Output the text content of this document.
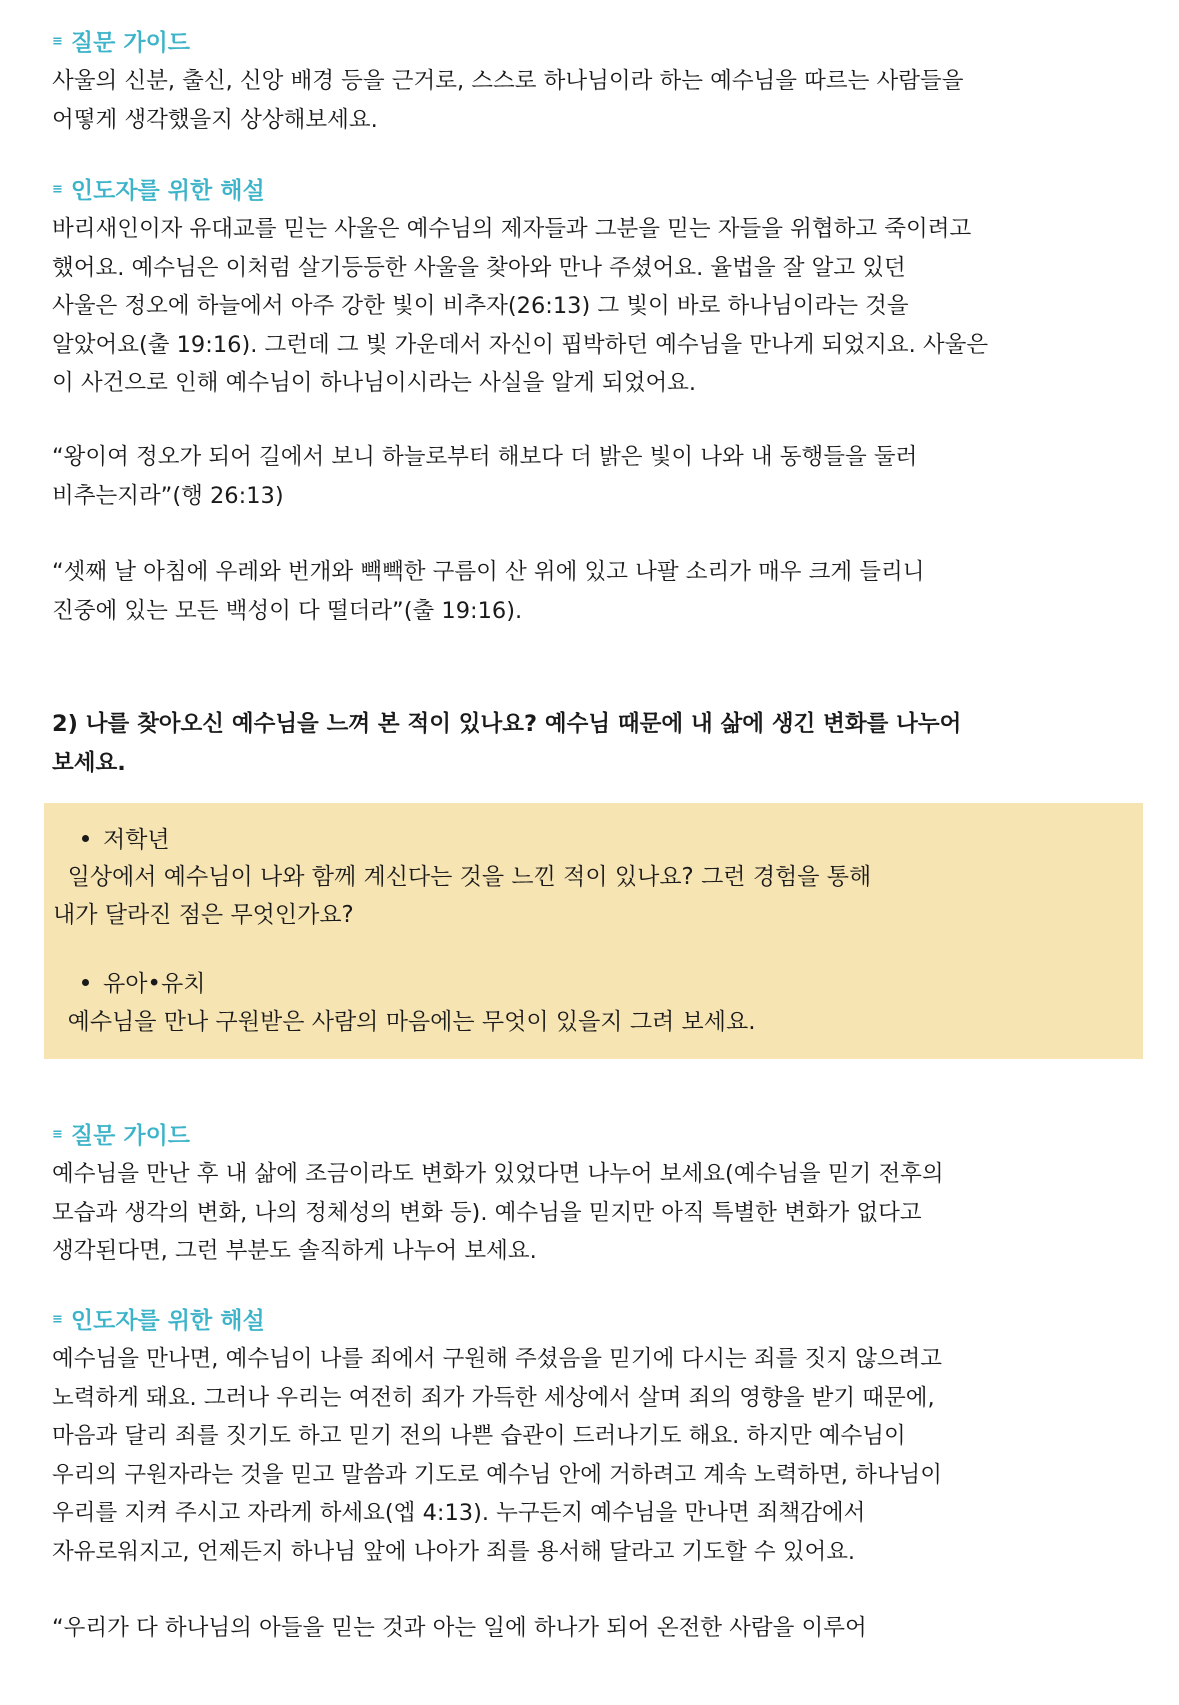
≡ 질문 가이드
사울의 신분, 출신, 신앙 배경 등을 근거로, 스스로 하나님이라 하는 예수님을 따르는 사람들을
어떻게 생각했을지 상상해보세요.
≡ 인도자를 위한 해설
바리새인이자 유대교를 믿는 사울은 예수님의 제자들과 그분을 믿는 자들을 위협하고 죽이려고
했어요. 예수님은 이처럼 살기등등한 사울을 찾아와 만나 주셨어요. 율법을 잘 알고 있던
사울은 정오에 하늘에서 아주 강한 빛이 비추자(26:13) 그 빛이 바로 하나님이라는 것을
알았어요(출 19:16). 그런데 그 빛 가운데서 자신이 핍박하던 예수님을 만나게 되었지요. 사울은
이 사건으로 인해 예수님이 하나님이시라는 사실을 알게 되었어요.
“왕이여 정오가 되어 길에서 보니 하늘로부터 해보다 더 밝은 빛이 나와 내 동행들을 둘러
비추는지라”(행 26:13)
“셋째 날 아침에 우레와 번개와 빽빽한 구름이 산 위에 있고 나팔 소리가 매우 크게 들리니
진중에 있는 모든 백성이 다 떨더라”(출 19:16).
2) 나를 찾아오신 예수님을 느껴 본 적이 있나요? 예수님 때문에 내 삶에 생긴 변화를 나누어
보세요.
저학년
일상에서 예수님이 나와 함께 계신다는 것을 느낀 적이 있나요? 그런 경험을 통해
내가 달라진 점은 무엇인가요?
유아•유치
예수님을 만나 구원받은 사람의 마음에는 무엇이 있을지 그려 보세요.
≡ 질문 가이드
예수님을 만난 후 내 삶에 조금이라도 변화가 있었다면 나누어 보세요(예수님을 믿기 전후의
모습과 생각의 변화, 나의 정체성의 변화 등). 예수님을 믿지만 아직 특별한 변화가 없다고
생각된다면, 그런 부분도 솔직하게 나누어 보세요.
≡ 인도자를 위한 해설
예수님을 만나면, 예수님이 나를 죄에서 구원해 주셨음을 믿기에 다시는 죄를 짓지 않으려고
노력하게 돼요. 그러나 우리는 여전히 죄가 가득한 세상에서 살며 죄의 영향을 받기 때문에,
마음과 달리 죄를 짓기도 하고 믿기 전의 나쁜 습관이 드러나기도 해요. 하지만 예수님이
우리의 구원자라는 것을 믿고 말씀과 기도로 예수님 안에 거하려고 계속 노력하면, 하나님이
우리를 지켜 주시고 자라게 하세요(엡 4:13). 누구든지 예수님을 만나면 죄책감에서
자유로워지고, 언제든지 하나님 앞에 나아가 죄를 용서해 달라고 기도할 수 있어요.
“우리가 다 하나님의 아들을 믿는 것과 아는 일에 하나가 되어 온전한 사람을 이루어
